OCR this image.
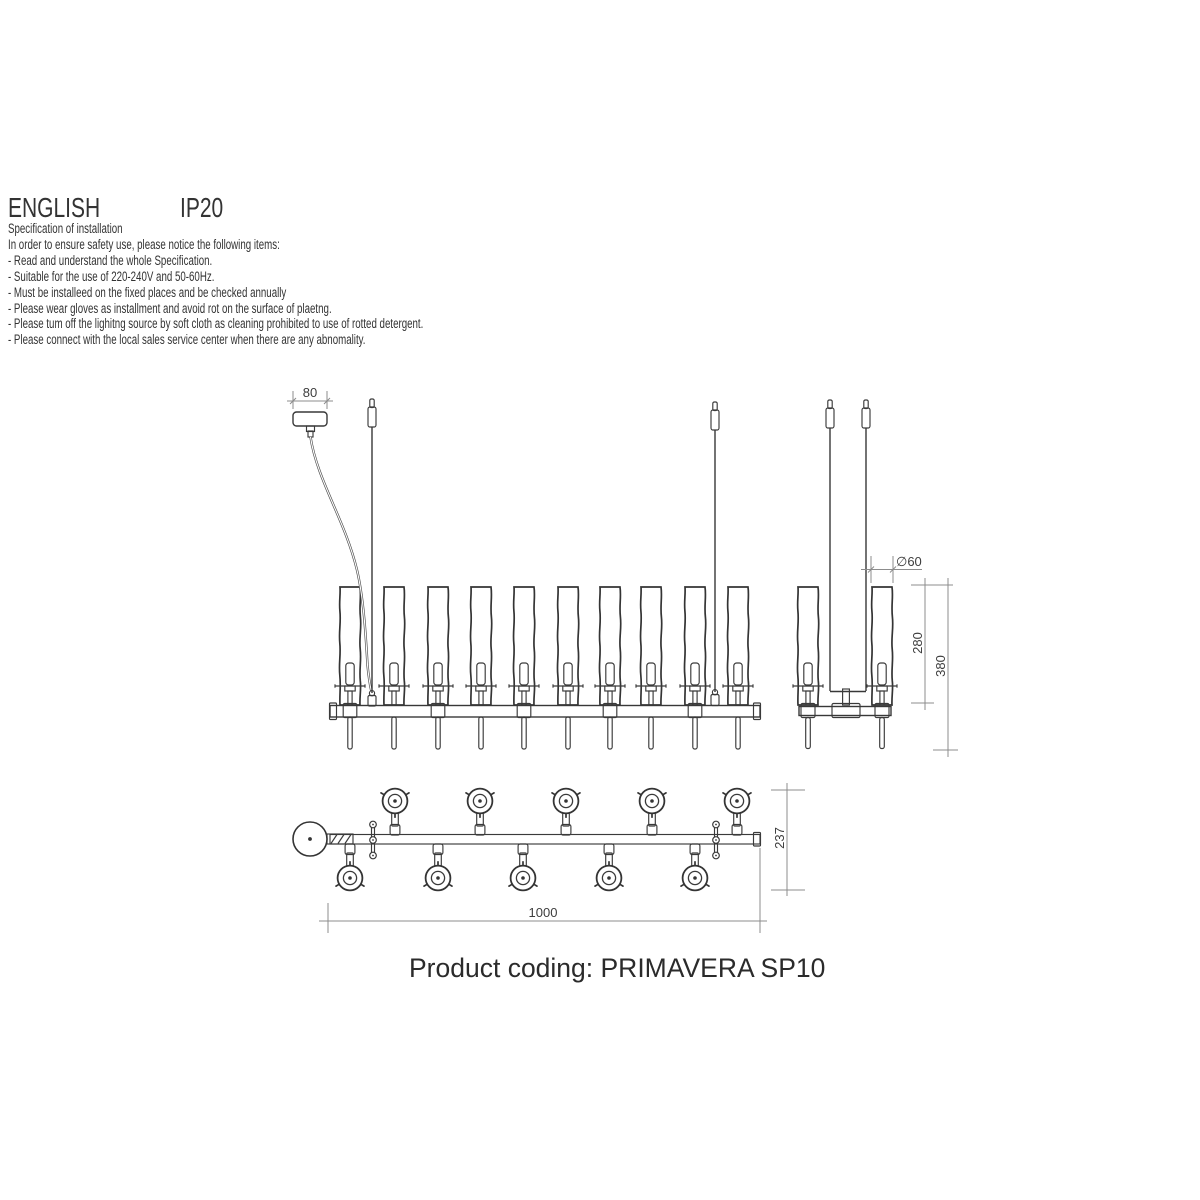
ENGLISH	IP20
Specification of installation
In order to ensure safety use, please notice the following items:
- Read and understand the whole Specification.
- Suitable for the use of 220-240V and 50-60Hz.
- Must be installeed on the fixed places and be checked annually
- Please wear gloves as installment and avoid rot on the surface of plaetng.
- Please tum off the lighitng source by soft cloth as cleaning prohibited to use of rotted detergent.
- Please connect with the local sales service center when there are any abnomality.
80
∅60
280
380
237
1000
Product coding: PRIMAVERA SP10
